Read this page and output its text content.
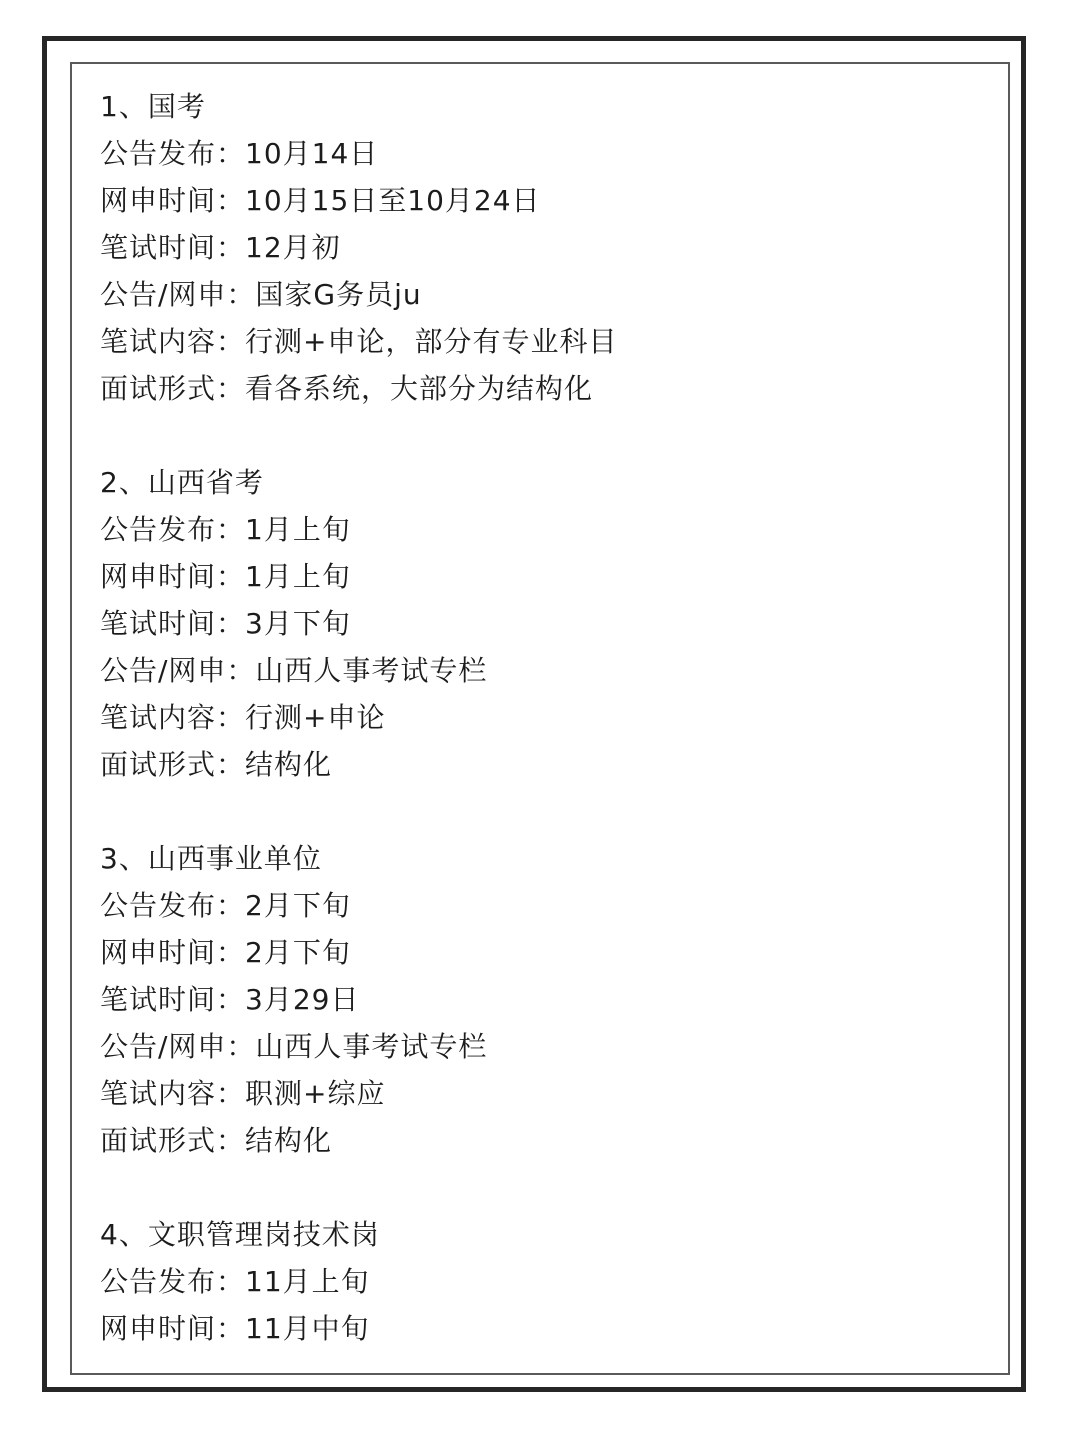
1、国考
公告发布：10月14日
网申时间：10月15日至10月24日
笔试时间：12月初
公告/网申：国家G务员ju
笔试内容：行测+申论，部分有专业科目
面试形式：看各系统，大部分为结构化
2、山西省考
公告发布：1月上旬
网申时间：1月上旬
笔试时间：3月下旬
公告/网申：山西人事考试专栏
笔试内容：行测+申论
面试形式：结构化
3、山西事业单位
公告发布：2月下旬
网申时间：2月下旬
笔试时间：3月29日
公告/网申：山西人事考试专栏
笔试内容：职测+综应
面试形式：结构化
4、文职管理岗技术岗
公告发布：11月上旬
网申时间：11月中旬
